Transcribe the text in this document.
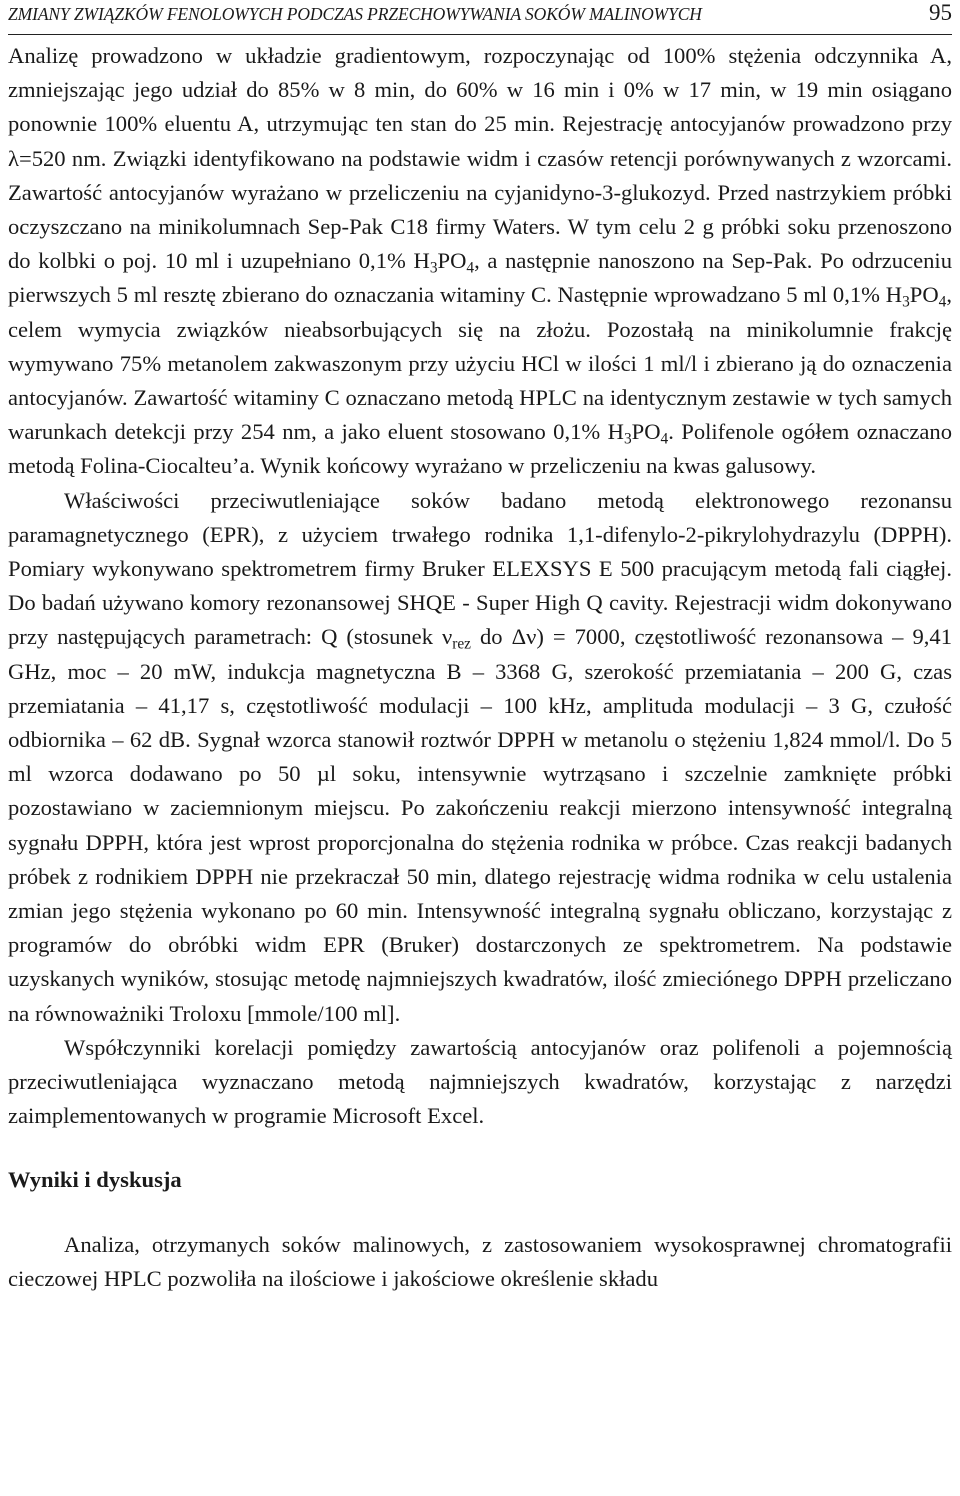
ZMIANY ZWIĄZKÓW FENOLOWYCH PODCZAS PRZECHOWYWANIA SOKÓW MALINOWYCH	95

Analizę prowadzono w układzie gradientowym, rozpoczynając od 100% stężenia odczynnika A, zmniejszając jego udział do 85% w 8 min, do 60% w 16 min i 0% w 17 min, w 19 min osiągano ponownie 100% eluentu A, utrzymując ten stan do 25 min. Rejestrację antocyjanów prowadzono przy λ=520 nm. Związki identyfikowano na podstawie widm i czasów retencji porównywanych z wzorcami. Zawartość antocyjanów wyrażano w przeliczeniu na cyjanidyno-3-glukozyd. Przed nastrzykiem próbki oczyszczano na minikolumnach Sep-Pak C18 firmy Waters. W tym celu 2 g próbki soku przenoszono do kolbki o poj. 10 ml i uzupełniano 0,1% $H_3PO_4$, a następnie nanoszono na Sep-Pak. Po odrzuceniu pierwszych 5 ml resztę zbierano do oznaczania witaminy C. Następnie wprowadzano 5 ml 0,1% $H_3PO_4$, celem wymycia związków nieabsorbujących się na złożu. Pozostałą na minikolumnie frakcję wymywano 75% metanolem zakwaszonym przy użyciu HCl w ilości 1 ml/l i zbierano ją do oznaczenia antocyjanów. Zawartość witaminy C oznaczano metodą HPLC na identycznym zestawie w tych samych warunkach detekcji przy 254 nm, a jako eluent stosowano 0,1% $H_3PO_4$. Polifenole ogółem oznaczano metodą Folina-Ciocalteu’a. Wynik końcowy wyrażano w przeliczeniu na kwas galusowy.

Właściwości przeciwutleniające soków badano metodą elektronowego rezonansu paramagnetycznego (EPR), z użyciem trwałego rodnika 1,1-difenylo-2-pikrylohydrazylu (DPPH). Pomiary wykonywano spektrometrem firmy Bruker ELEXSYS E 500 pracującym metodą fali ciągłej. Do badań używano komory rezonansowej SHQE - Super High Q cavity. Rejestracji widm dokonywano przy następujących parametrach: Q (stosunek $\nu_{rez}$ do Δν) = 7000, częstotliwość rezonansowa – 9,41 GHz, moc – 20 mW, indukcja magnetyczna B – 3368 G, szerokość przemiatania – 200 G, czas przemiatania – 41,17 s, częstotliwość modulacji – 100 kHz, amplituda modulacji – 3 G, czułość odbiornika – 62 dB. Sygnał wzorca stanowił roztwór DPPH w metanolu o stężeniu 1,824 mmol/l. Do 5 ml wzorca dodawano po 50 µl soku, intensywnie wytrząsano i szczelnie zamknięte próbki pozostawiano w zaciemnionym miejscu. Po zakończeniu reakcji mierzono intensywność integralną sygnału DPPH, która jest wprost proporcjonalna do stężenia rodnika w próbce. Czas reakcji badanych próbek z rodnikiem DPPH nie przekraczał 50 min, dlatego rejestrację widma rodnika w celu ustalenia zmian jego stężenia wykonano po 60 min. Intensywność integralną sygnału obliczano, korzystając z programów do obróbki widm EPR (Bruker) dostarczonych ze spektrometrem. Na podstawie uzyskanych wyników, stosując metodę najmniejszych kwadratów, ilość zmieciónego DPPH przeliczano na równoważniki Troloxu [mmole/100 ml].

Współczynniki korelacji pomiędzy zawartością antocyjanów oraz polifenoli a pojemnością przeciwutleniająca wyznaczano metodą najmniejszych kwadratów, korzystając z narzędzi zaimplementowanych w programie Microsoft Excel.

Wyniki i dyskusja

Analiza, otrzymanych soków malinowych, z zastosowaniem wysokosprawnej chromatografii cieczowej HPLC pozwoliła na ilościowe i jakościowe określenie składu
